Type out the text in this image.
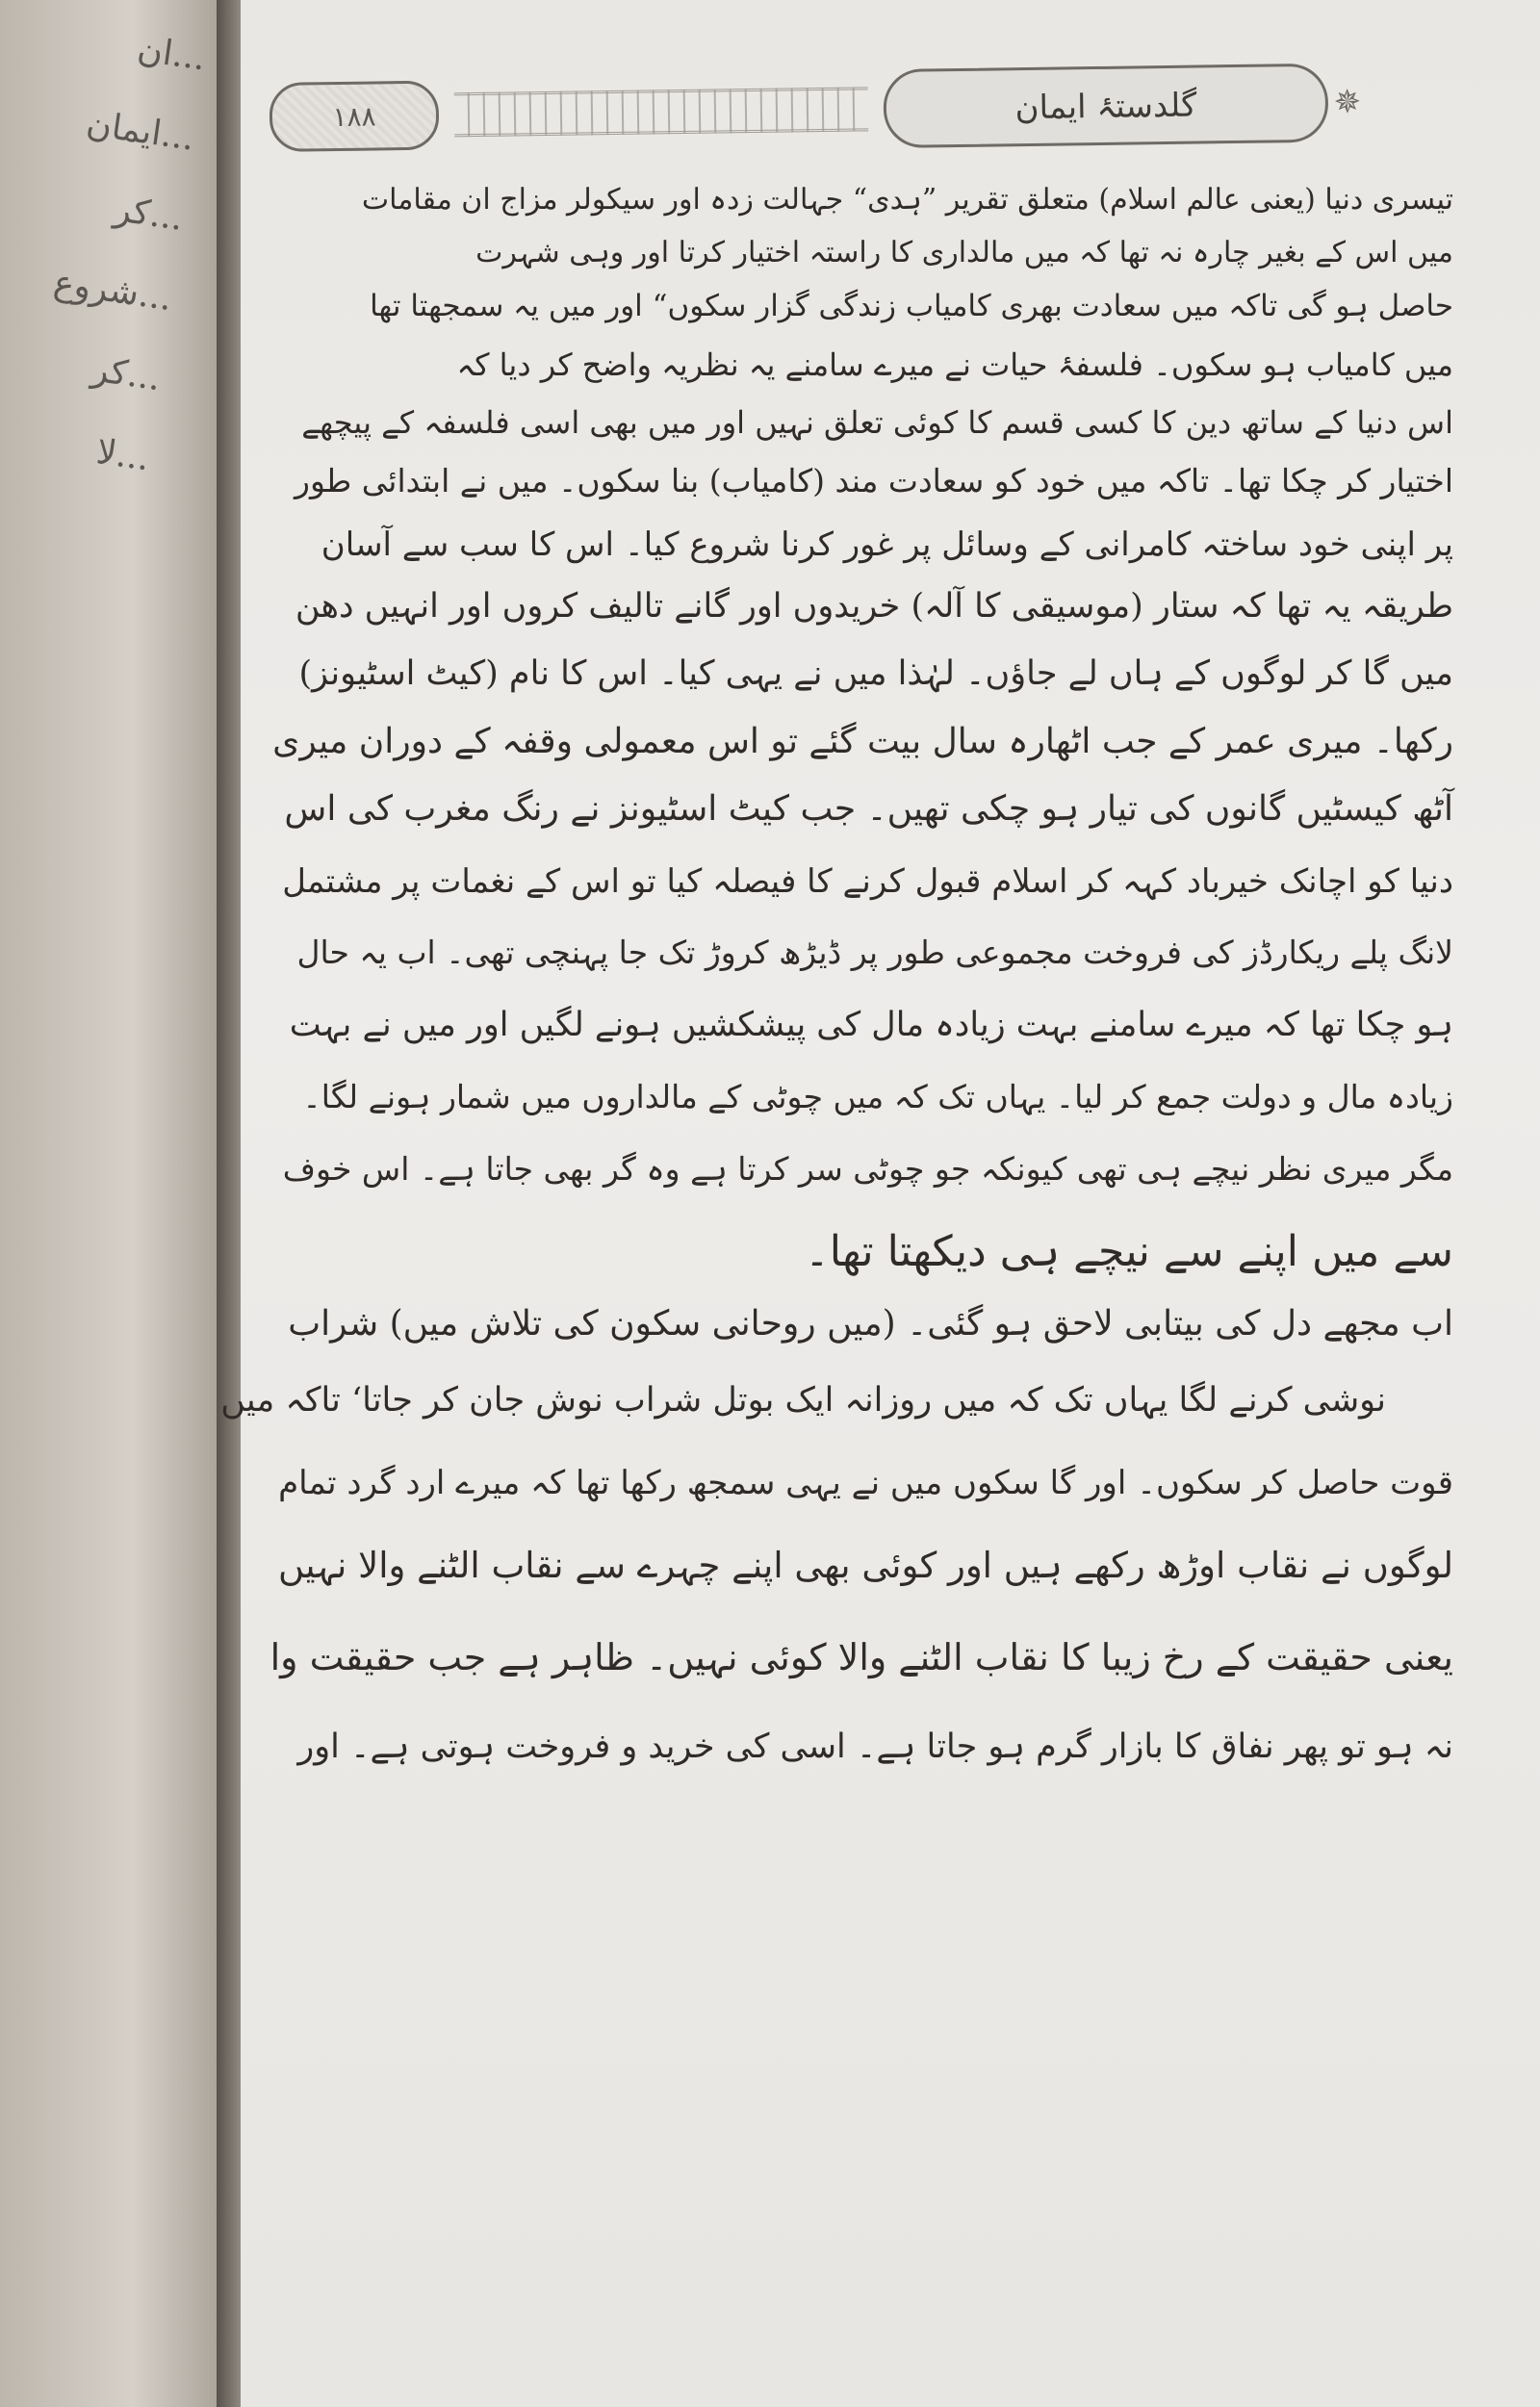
...ان
...ایمان
...کر
...شروع
...کر
...لا
١٨٨	گلدستۂ ایمان	✵
تیسری دنیا (یعنی عالم اسلام) متعلق تقریر ”ہدی“ جہالت زدہ اور سیکولر مزاج ان مقامات
میں اس کے بغیر چارہ نہ تھا کہ میں مالداری کا راستہ اختیار کرتا اور وہی شہرت
حاصل ہو گی تاکہ میں سعادت بھری کامیاب زندگی گزار سکوں“ اور میں یہ سمجھتا تھا
میں کامیاب ہو سکوں۔ فلسفۂ حیات نے میرے سامنے یہ نظریہ واضح کر دیا کہ
اس دنیا کے ساتھ دین کا کسی قسم کا کوئی تعلق نہیں اور میں بھی اسی فلسفہ کے پیچھے
اختیار کر چکا تھا۔ تاکہ میں خود کو سعادت مند (کامیاب) بنا سکوں۔ میں نے ابتدائی طور
پر اپنی خود ساختہ کامرانی کے وسائل پر غور کرنا شروع کیا۔ اس کا سب سے آسان
طریقہ یہ تھا کہ ستار (موسیقی کا آلہ) خریدوں اور گانے تالیف کروں اور انہیں دھن
میں گا کر لوگوں کے ہاں لے جاؤں۔ لہٰذا میں نے یہی کیا۔ اس کا نام (کیٹ اسٹیونز)
رکھا۔ میری عمر کے جب اٹھارہ سال بیت گئے تو اس معمولی وقفہ کے دوران میری
آٹھ کیسٹیں گانوں کی تیار ہو چکی تھیں۔ جب کیٹ اسٹیونز نے رنگ مغرب کی اس
دنیا کو اچانک خیرباد کہہ کر اسلام قبول کرنے کا فیصلہ کیا تو اس کے نغمات پر مشتمل
لانگ پلے ریکارڈز کی فروخت مجموعی طور پر ڈیڑھ کروڑ تک جا پہنچی تھی۔ اب یہ حال
ہو چکا تھا کہ میرے سامنے بہت زیادہ مال کی پیشکشیں ہونے لگیں اور میں نے بہت
زیادہ مال و دولت جمع کر لیا۔ یہاں تک کہ میں چوٹی کے مالداروں میں شمار ہونے لگا۔
مگر میری نظر نیچے ہی تھی کیونکہ جو چوٹی سر کرتا ہے وہ گر بھی جاتا ہے۔ اس خوف
سے میں اپنے سے نیچے ہی دیکھتا تھا۔
اب مجھے دل کی بیتابی لاحق ہو گئی۔ (میں روحانی سکون کی تلاش میں) شراب
نوشی کرنے لگا یہاں تک کہ میں روزانہ ایک بوتل شراب نوش جان کر جاتا‘ تاکہ میں
قوت حاصل کر سکوں۔ اور گا سکوں میں نے یہی سمجھ رکھا تھا کہ میرے ارد گرد تمام
لوگوں نے نقاب اوڑھ رکھے ہیں اور کوئی بھی اپنے چہرے سے نقاب الٹنے والا نہیں
یعنی حقیقت کے رخ زیبا کا نقاب الٹنے والا کوئی نہیں۔ ظاہر ہے جب حقیقت وا
نہ ہو تو پھر نفاق کا بازار گرم ہو جاتا ہے۔ اسی کی خرید و فروخت ہوتی ہے۔ اور
